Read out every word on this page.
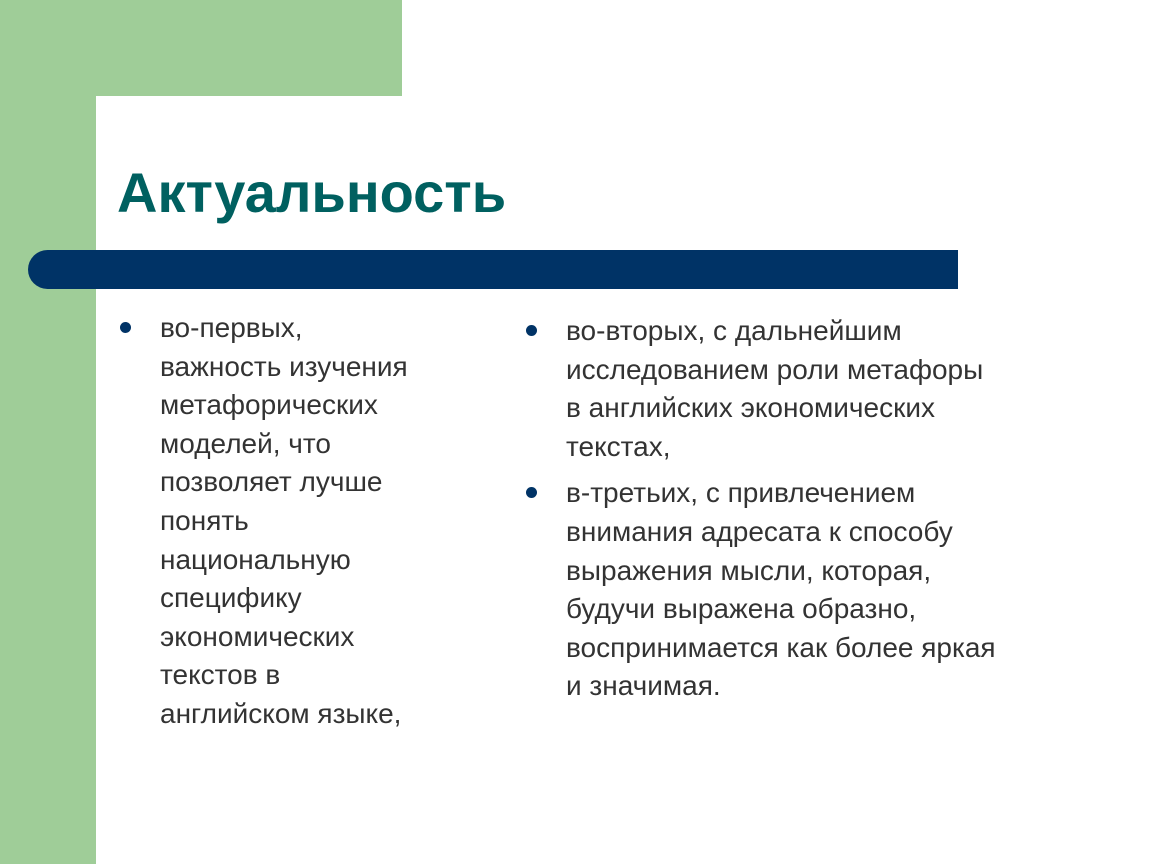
Актуальность
во-первых,
важность изучения
метафорических
моделей, что
позволяет лучше
понять
национальную
специфику
экономических
текстов в
английском языке,
во-вторых, с дальнейшим
исследованием роли метафоры
в английских экономических
текстах,
в-третьих, с привлечением
внимания адресата к способу
выражения мысли, которая,
будучи выражена образно,
воспринимается как более яркая
и значимая.
